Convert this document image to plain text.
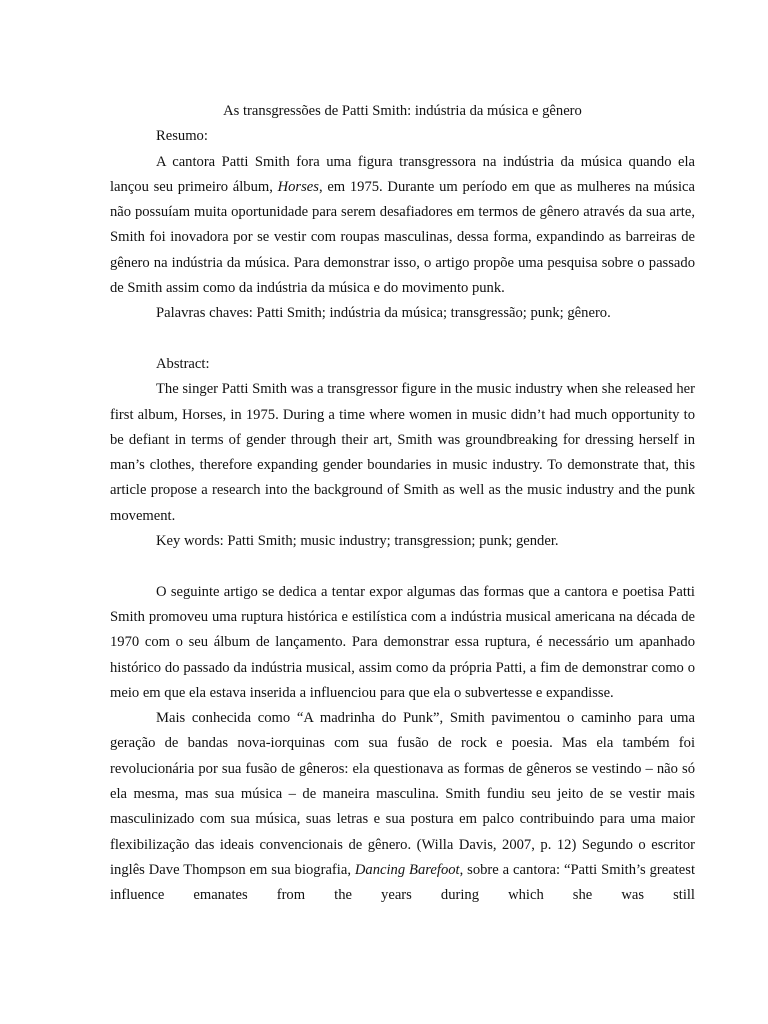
As transgressões de Patti Smith: indústria da música e gênero

Resumo:

A cantora Patti Smith fora uma figura transgressora na indústria da música quando ela lançou seu primeiro álbum, Horses, em 1975. Durante um período em que as mulheres na música não possuíam muita oportunidade para serem desafiadores em termos de gênero através da sua arte, Smith foi inovadora por se vestir com roupas masculinas, dessa forma, expandindo as barreiras de gênero na indústria da música. Para demonstrar isso, o artigo propõe uma pesquisa sobre o passado de Smith assim como da indústria da música e do movimento punk.

Palavras chaves: Patti Smith; indústria da música; transgressão; punk; gênero.

Abstract:

The singer Patti Smith was a transgressor figure in the music industry when she released her first album, Horses, in 1975. During a time where women in music didn’t had much opportunity to be defiant in terms of gender through their art, Smith was groundbreaking for dressing herself in man’s clothes, therefore expanding gender boundaries in music industry. To demonstrate that, this article propose a research into the background of Smith as well as the music industry and the punk movement.

Key words: Patti Smith; music industry; transgression; punk; gender.

O seguinte artigo se dedica a tentar expor algumas das formas que a cantora e poetisa Patti Smith promoveu uma ruptura histórica e estilística com a indústria musical americana na década de 1970 com o seu álbum de lançamento. Para demonstrar essa ruptura, é necessário um apanhado histórico do passado da indústria musical, assim como da própria Patti, a fim de demonstrar como o meio em que ela estava inserida a influenciou para que ela o subvertesse e expandisse.

Mais conhecida como “A madrinha do Punk”, Smith pavimentou o caminho para uma geração de bandas nova-iorquinas com sua fusão de rock e poesia. Mas ela também foi revolucionária por sua fusão de gêneros: ela questionava as formas de gêneros se vestindo – não só ela mesma, mas sua música – de maneira masculina. Smith fundiu seu jeito de se vestir mais masculinizado com sua música, suas letras e sua postura em palco contribuindo para uma maior flexibilização das ideais convencionais de gênero. (Willa Davis, 2007, p. 12) Segundo o escritor inglês Dave Thompson em sua biografia, Dancing Barefoot, sobre a cantora: “Patti Smith’s greatest influence emanates from the years during which she was still
